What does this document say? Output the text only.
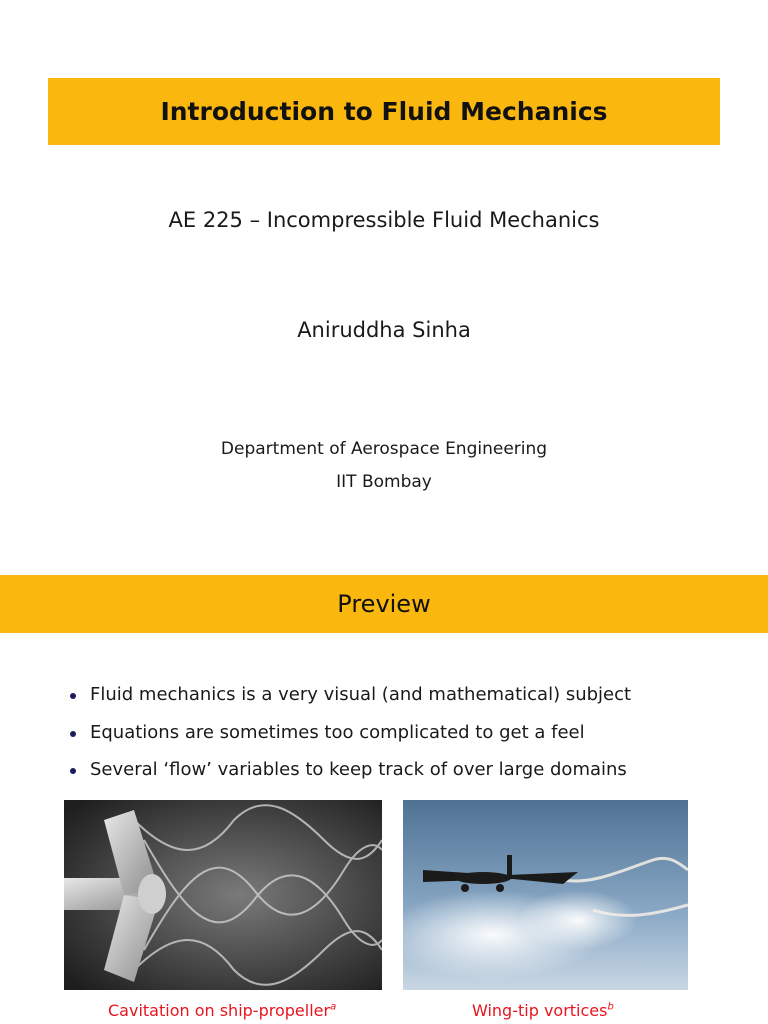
Introduction to Fluid Mechanics
AE 225 – Incompressible Fluid Mechanics
Aniruddha Sinha
Department of Aerospace Engineering
IIT Bombay
Preview
Fluid mechanics is a very visual (and mathematical) subject
Equations are sometimes too complicated to get a feel
Several ‘flow’ variables to keep track of over large domains
Cavitation on ship-propeller$^a$	Wing-tip vortices$^b$
